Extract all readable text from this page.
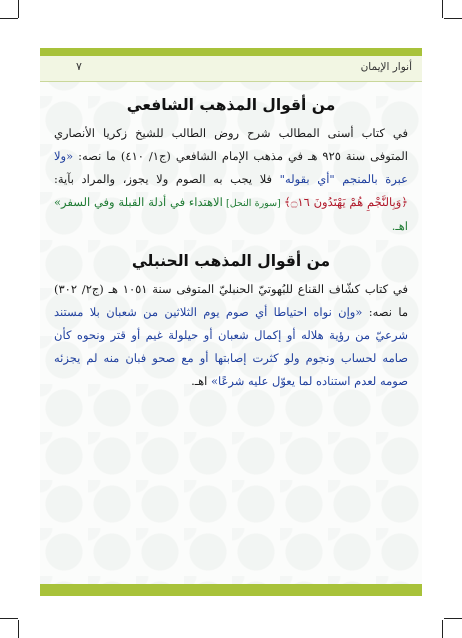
أنوار الإيمان
٧
من أقوال المذهب الشافعي

في كتاب أسنى المطالب شرح روض الطالب للشيخ زكريا الأنصاري المتوفى سنة ٩٢٥ هـ في مذهب الإمام الشافعي (ج١/ ٤١٠) ما نصه: «ولا عبرة بالمنجم "أي بقوله" فلا يجب به الصوم ولا يجوز، والمراد بآية: ﴿وَبِالنَّجْمِ هُمْ يَهْتَدُونَ ۝١٦﴾ [سورة النحل] الاهتداء في أدلة القبلة وفي السفر» اهـ.

من أقوال المذهب الحنبلي

في كتاب كشّاف القناع للبُهوتيّ الحنبليّ المتوفى سنة ١٠٥١ هـ (ج٢/ ٣٠٢) ما نصه: «وإن نواه احتياطا أي صوم يوم الثلاثين من شعبان بلا مستند شرعيّ من رؤية هلاله أو إكمال شعبان أو حيلولة غيم أو قتر ونحوه كأن صامه لحساب ونجوم ولو كثرت إصابتها أو مع صحو فبان منه لم يجزئه صومه لعدم استناده لما يعوّل عليه شرعًا» اهـ.
